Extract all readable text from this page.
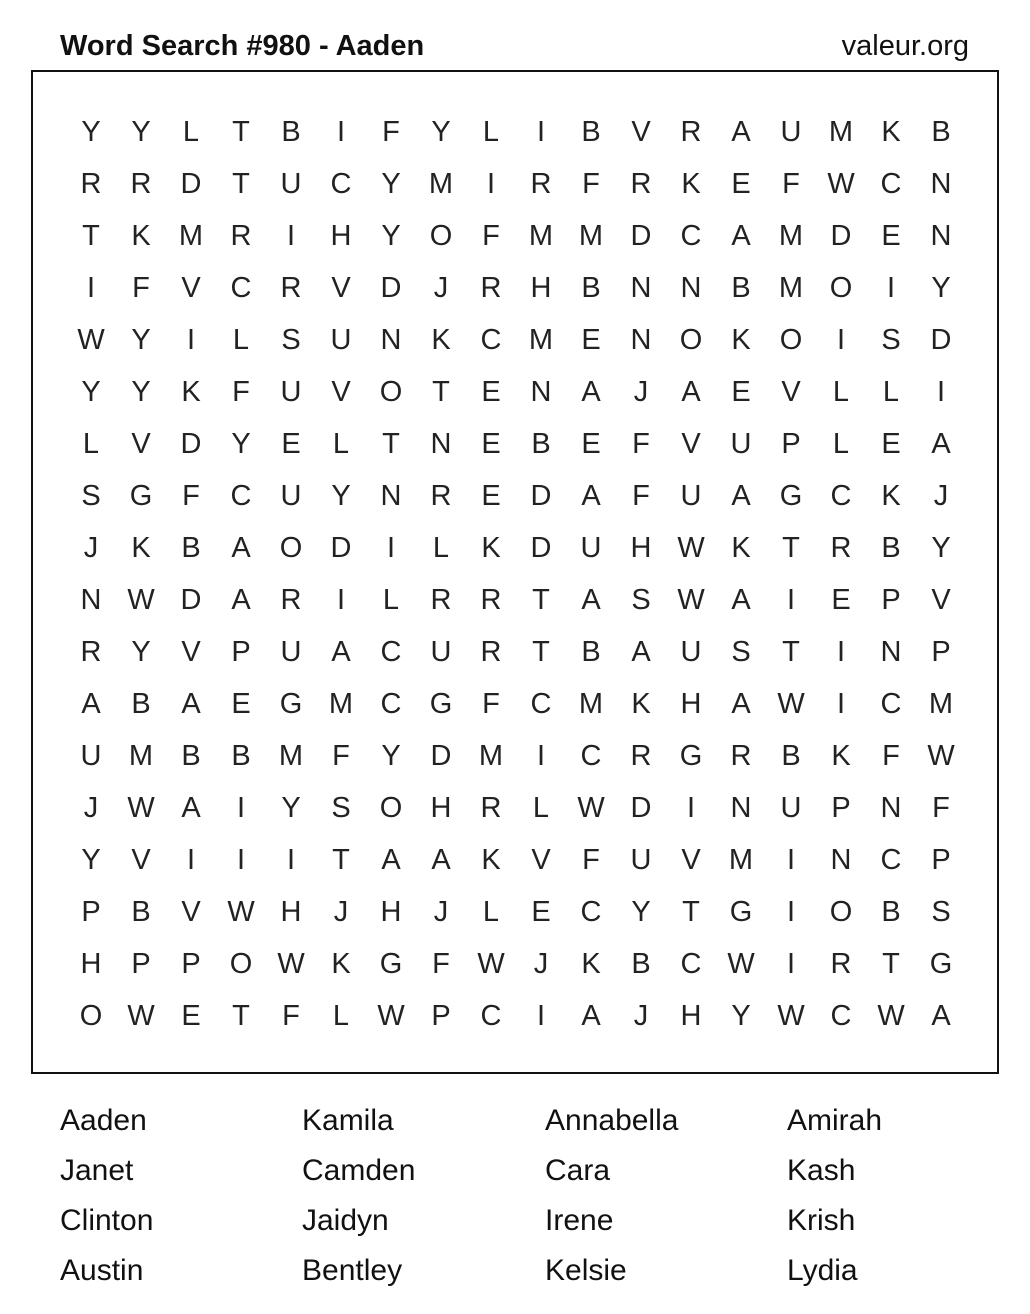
Word Search #980 - Aaden	valeur.org
Y	Y	L	T	B	I	F	Y	L	I	B	V	R	A	U M K	B
R	R	D	T	U	C	Y M	I	R	F	R	K	E	F W C	N
T	K M R	I	H	Y	O	F	M M D	C	A M D	E	N
I	F	V	C	R	V	D	J	R	H	B	N	N	B M O	I	Y
W Y	I	L	S	U	N	K	C M E	N O	K	O	I	S	D
Y	Y	K	F	U	V	O	T	E	N	A	J	A	E	V	L	L	I
L	V	D	Y	E	L	T	N	E	B	E	F	V	U	P	L	E	A
S	G	F	C	U	Y	N	R	E	D	A	F	U	A	G C	K	J
J	K	B	A	O D	I	L	K	D	U	H W K	T	R	B	Y
N W D	A	R	I	L	R	R	T	A	S W A	I	E	P	V
R	Y	V	P	U	A	C	U	R	T	B	A	U	S	T	I	N	P
A	B	A	E	G M C G	F	C M K	H	A W	I	C M
U M B	B M	F	Y	D M	I	C	R G R	B	K	F W
J	W A	I	Y	S	O H	R	L W D	I	N	U	P	N	F
Y	V	I	I	I	T	A	A	K	V	F	U	V M	I	N	C	P
P	B	V W H	J	H	J	L	E	C	Y	T	G	I	O	B	S
H	P	P	O W K	G	F W	J	K	B	C W	I	R	T	G
O W E	T	F	L W P	C	I	A	J	H	Y W C W A
Aaden	Kamila	Annabella	Amirah
Janet	Camden	Cara	Kash
Clinton	Jaidyn	Irene	Krish
Austin	Bentley	Kelsie	Lydia
